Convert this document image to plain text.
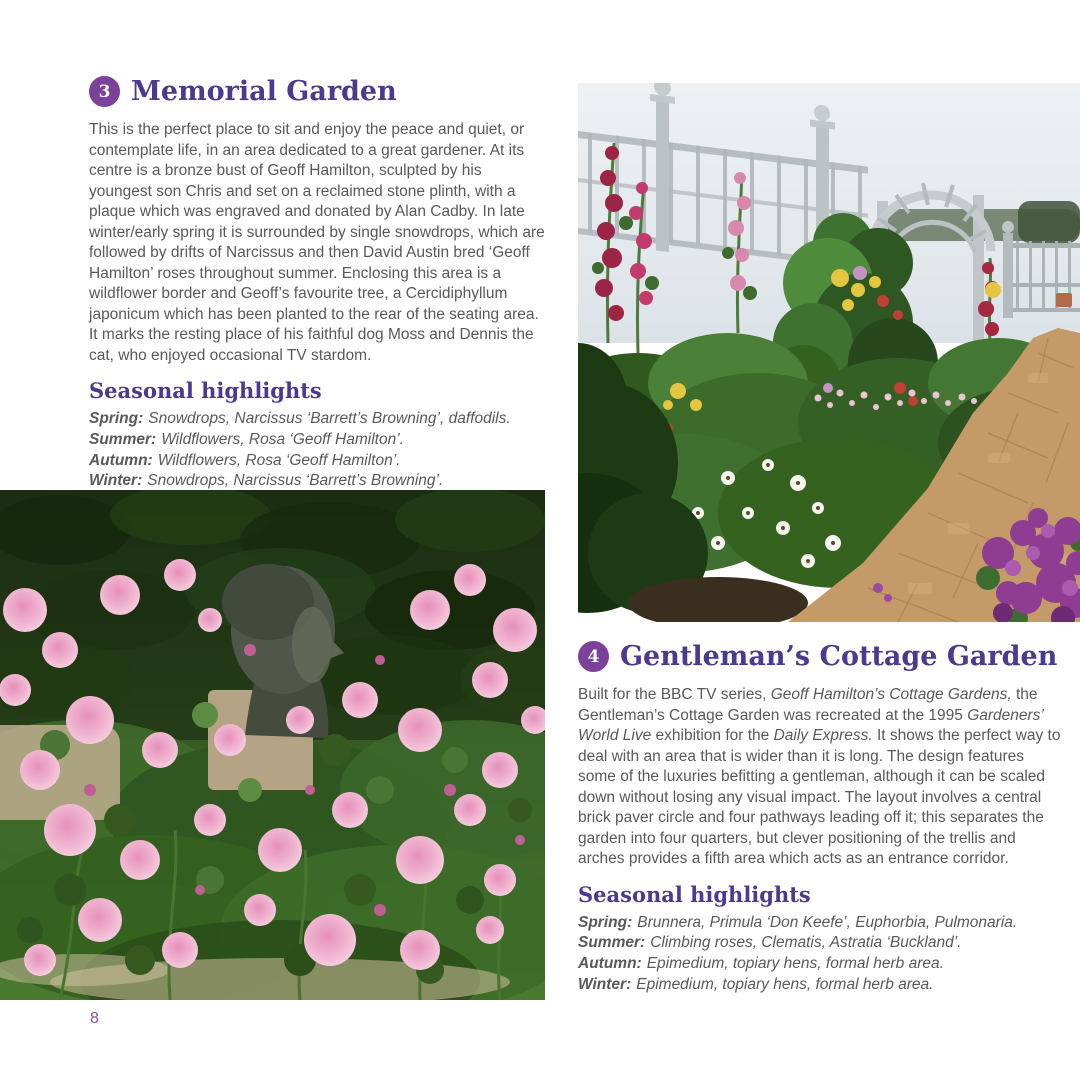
3 Memorial Garden

This is the perfect place to sit and enjoy the peace and quiet, or contemplate life, in an area dedicated to a great gardener. At its centre is a bronze bust of Geoff Hamilton, sculpted by his youngest son Chris and set on a reclaimed stone plinth, with a plaque which was engraved and donated by Alan Cadby. In late winter/early spring it is surrounded by single snowdrops, which are followed by drifts of Narcissus and then David Austin bred ‘Geoff Hamilton’ roses throughout summer. Enclosing this area is a wildflower border and Geoff’s favourite tree, a Cercidiphyllum japonicum which has been planted to the rear of the seating area. It marks the resting place of his faithful dog Moss and Dennis the cat, who enjoyed occasional TV stardom.

Seasonal highlights
Spring: Snowdrops, Narcissus ‘Barrett’s Browning’, daffodils.
Summer: Wildflowers, Rosa ‘Geoff Hamilton’.
Autumn: Wildflowers, Rosa ‘Geoff Hamilton’.
Winter: Snowdrops, Narcissus ‘Barrett’s Browning’.
4 Gentleman’s Cottage Garden

Built for the BBC TV series, Geoff Hamilton’s Cottage Gardens, the Gentleman’s Cottage Garden was recreated at the 1995 Gardeners’ World Live exhibition for the Daily Express. It shows the perfect way to deal with an area that is wider than it is long. The design features some of the luxuries befitting a gentleman, although it can be scaled down without losing any visual impact. The layout involves a central brick paver circle and four pathways leading off it; this separates the garden into four quarters, but clever positioning of the trellis and arches provides a fifth area which acts as an entrance corridor.

Seasonal highlights
Spring: Brunnera, Primula ‘Don Keefe’, Euphorbia, Pulmonaria.
Summer: Climbing roses, Clematis, Astratia ‘Buckland’.
Autumn: Epimedium, topiary hens, formal herb area.
Winter: Epimedium, topiary hens, formal herb area.
8
